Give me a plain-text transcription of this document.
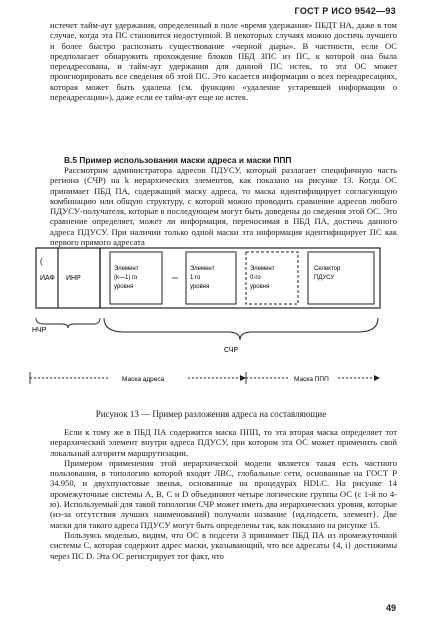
ГОСТ Р ИСО 9542—93

истечет тайм-аут удержания, определенный в поле «время удержания» ПБДТ НА, даже в том случае, когда эта ПС становится недоступной. В некоторых случаях можно достичь лучшего и более быстро распознать существование «черной дыры». В частности, если ОС предполагает обнаружить прохождение блоков ПБД ЗПС из ПС, к которой она была переадресована, и тайм-аут удержания для данной ПС истек, то эта ОС может проигнорировать все сведения об этой ПС. Это касается информации о всех переадресациях, которая может быть удалена (см. функцию «удаление устаревшей информации о переадресации»), даже если ее тайм-аут еще не истек.

В.5 Пример использования маски адреса и маски ППП

Рассмотрим администратора адресов ПДУСУ, который разлагает специфичную часть региона (СЧР) на k иерархических элементов, как показано на рисунке 13. Когда ОС принимает ПБД ПА, содержащий маску адреса, то маска идентифицирует согласующую комбинацию или общую структуру, с которой можно проводить сравнение адресов любого ПДУСУ-получателя, которые в последующем могут быть доведены до сведения этой ОС. Это сравнение определяет, может ли информация, переносимая в ПБД ПА, достичь данного адреса ПДУСУ. При наличии только одной маски эта информация идентифицирует ПС как первого прямого адресата

(
ИАФ ИНР
Элемент
(k—1) го
уровня
Элемент
1 го
уровня
Элемент
0-го
уровня
Селектор
ПДУСУ
НЧР
СЧР
Маска адреса	Маска ППП
Рисунок 13 — Пример разложения адреса на составляющие

Если к тому же в ПБД ПА содержится маска ППП, то эта вторая маска определяет тот иерархический элемент внутри адреса ПДУСУ, при котором эта ОС может применить свой локальный алгоритм маршрутизации.

Примером применения этой иерархической модели является такая есть частного пользования, в топологию которой входят ЛВС, глобальные сети, основанные на ГОСТ Р 34.950, и двухпунктовые звенья, основанные на процедурах HDLC. На рисунке 14 промежуточные системы A, B, C и D объединяют четыре логические группы ОС (с 1-й по 4-ю). Используемый для такой топологии СЧР может иметь два иерархических уровня, которые (из-за отсутствия лучших наименований) получили название {ид.подсети, элемент}. Две маски для такого адреса ПДУСУ могут быть определены так, как показано на рисунке 15.

Пользуясь моделью, видим, что ОС в подсети 3 принимает ПБД ПА из промежуточной системы C, которая содержит адрес маски, указывающий, что все адресаты {4, i} достижимы через ПС D. Эта ОС регистрирует тот факт, что

49
